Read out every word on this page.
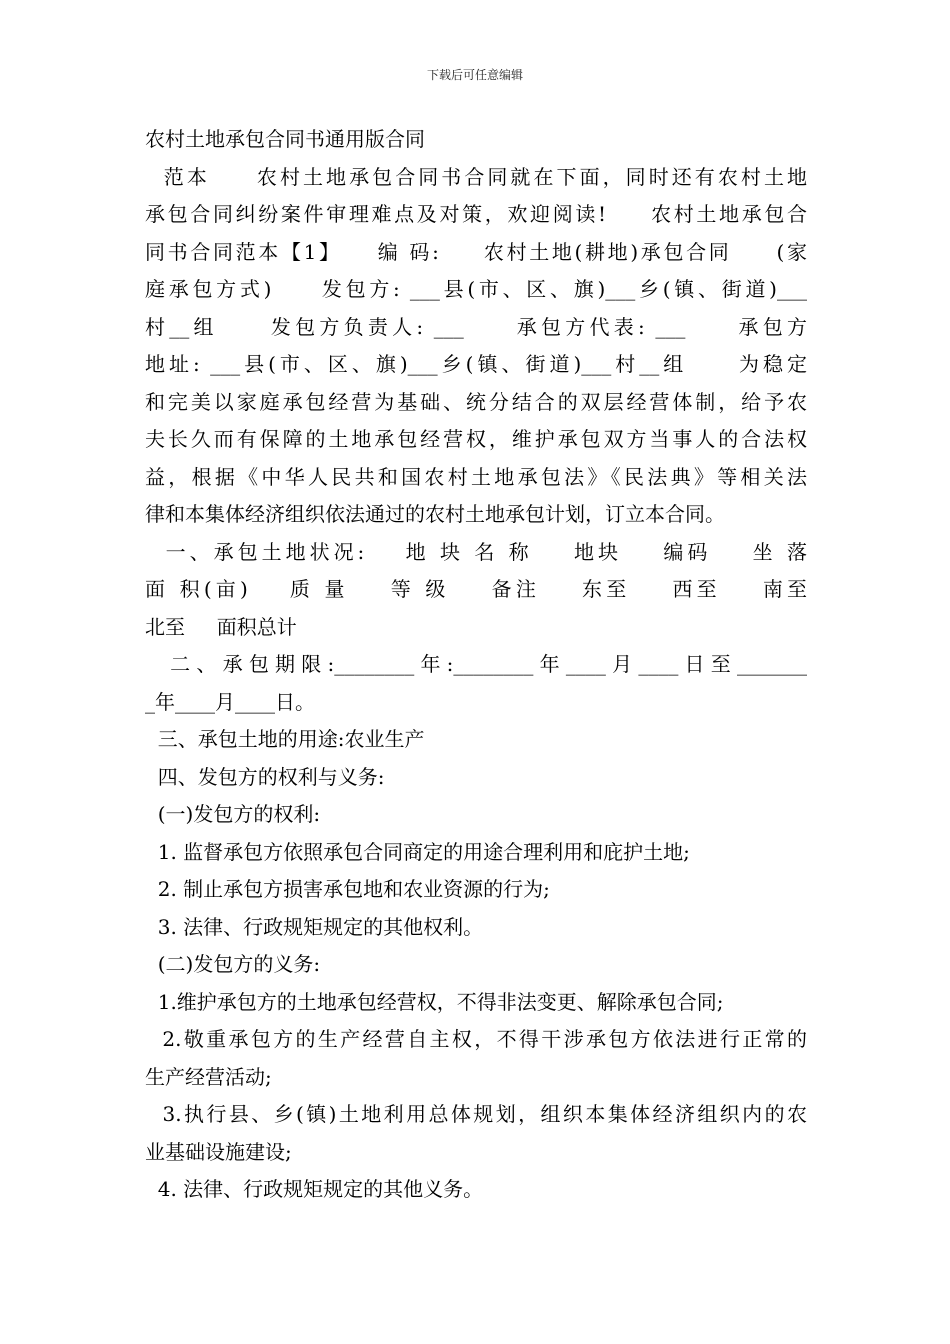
下载后可任意编辑
农村土地承包合同书通用版合同
范本     农村土地承包合同书合同就在下面，同时还有农村土地
承包合同纠纷案件审理难点及对策，欢迎阅读!     农村土地承包合
同书合同范本【1】    编 码:     农村土地(耕地)承包合同     (家
庭承包方式)     发包方: ___县(市、区、旗)___乡(镇、街道)___
村__组     发包方负责人: ___     承包方代表: ___     承包方
地址: ___县(市、区、旗)___乡(镇、街道)___村__组     为稳定
和完美以家庭承包经营为基础、统分结合的双层经营体制，给予农
夫长久而有保障的土地承包经营权，维护承包双方当事人的合法权
益，根据《中华人民共和国农村土地承包法》《民法典》等相关法
律和本集体经济组织依法通过的农村土地承包计划，订立本合同。
一、承包土地状况:    地 块 名 称    地块    编码    坐 落
面 积(亩)    质 量    等 级    备注    东至    西至    南至
北至     面积总计
二、承包期限:________年:________年____月____日至_______
_年____月____日。
三、承包土地的用途:农业生产
四、发包方的权利与义务:
(一)发包方的权利:
1. 监督承包方依照承包合同商定的用途合理利用和庇护土地;
2. 制止承包方损害承包地和农业资源的行为;
3. 法律、行政规矩规定的其他权利。
(二)发包方的义务:
1.维护承包方的土地承包经营权，不得非法变更、解除承包合同;
2.敬重承包方的生产经营自主权，不得干涉承包方依法进行正常的
生产经营活动;
3.执行县、乡(镇)土地利用总体规划，组织本集体经济组织内的农
业基础设施建设;
4. 法律、行政规矩规定的其他义务。
